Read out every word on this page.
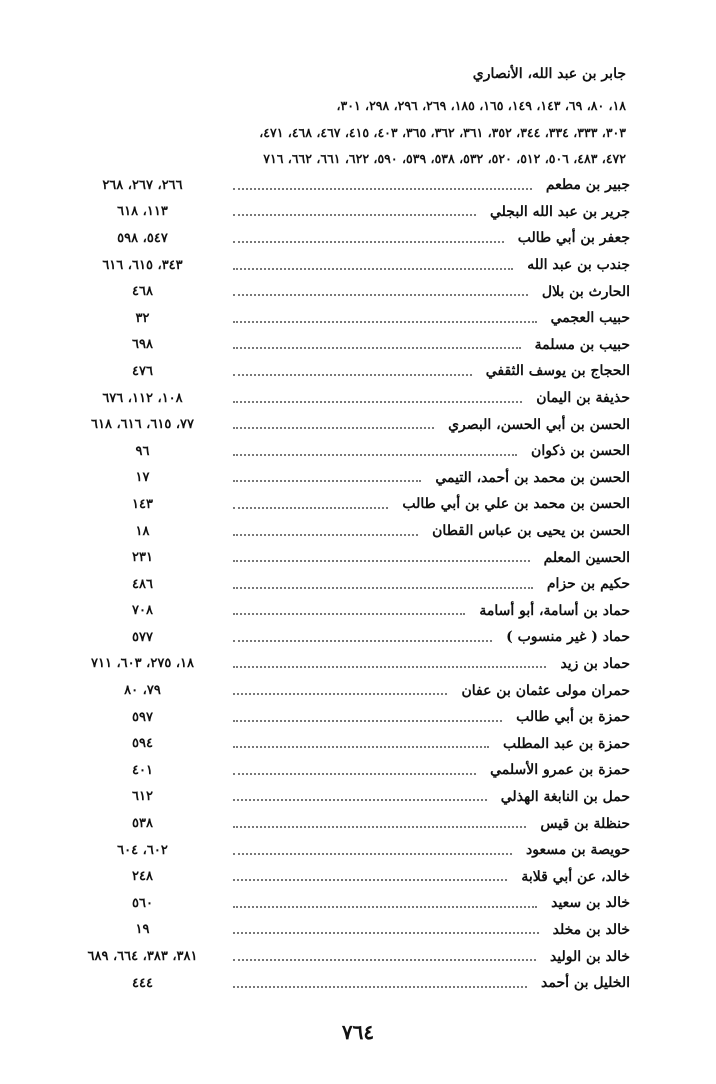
جابر بن عبد الله، الأنصاري
١٨، ٨٠، ٦٩، ١٤٣، ١٤٩، ١٦٥، ١٨٥، ٢٦٩، ٢٩٦، ٢٩٨، ٣٠١،
٣٠٣، ٣٣٣، ٣٣٤، ٣٤٤، ٣٥٢، ٣٦١، ٣٦٢، ٣٦٥، ٤٠٣، ٤١٥، ٤٦٧، ٤٦٨، ٤٧١،
٤٧٢، ٤٨٣، ٥٠٦، ٥١٢، ٥٢٠، ٥٣٢، ٥٣٨، ٥٣٩، ٥٩٠، ٦٢٢، ٦٦١، ٦٦٢، ٧١٦
جبير بن مطعم
٢٦٦، ٢٦٧، ٢٦٨
جرير بن عبد الله البجلي
١١٣، ٦١٨
جعفر بن أبي طالب
٥٤٧، ٥٩٨
جندب بن عبد الله
٣٤٣، ٦١٥، ٦١٦
الحارث بن بلال
٤٦٨
حبيب العجمي
٣٢
حبيب بن مسلمة
٦٩٨
الحجاج بن يوسف الثقفي
٤٧٦
حذيفة بن اليمان
١٠٨، ١١٢، ٦٧٦
الحسن بن أبي الحسن، البصري
٧٧، ٦١٥، ٦١٦، ٦١٨
الحسن بن ذكوان
٩٦
الحسن بن محمد بن أحمد، التيمي
١٧
الحسن بن محمد بن علي بن أبي طالب
١٤٣
الحسن بن يحيى بن عباس القطان
١٨
الحسين المعلم
٢٣١
حكيم بن حزام
٤٨٦
حماد بن أسامة، أبو أسامة
٧٠٨
حماد ( غير منسوب )
٥٧٧
حماد بن زيد
١٨، ٢٧٥، ٦٠٣، ٧١١
حمران مولى عثمان بن عفان
٧٩، ٨٠
حمزة بن أبي طالب
٥٩٧
حمزة بن عبد المطلب
٥٩٤
حمزة بن عمرو الأسلمي
٤٠١
حمل بن النابغة الهذلي
٦١٢
حنظلة بن قيس
٥٣٨
حويصة بن مسعود
٦٠٢، ٦٠٤
خالد، عن أبي قلابة
٢٤٨
خالد بن سعيد
٥٦٠
خالد بن مخلد
١٩
خالد بن الوليد
٣٨١، ٣٨٣، ٦٦٤، ٦٨٩
الخليل بن أحمد
٤٤٤
٧٦٤
